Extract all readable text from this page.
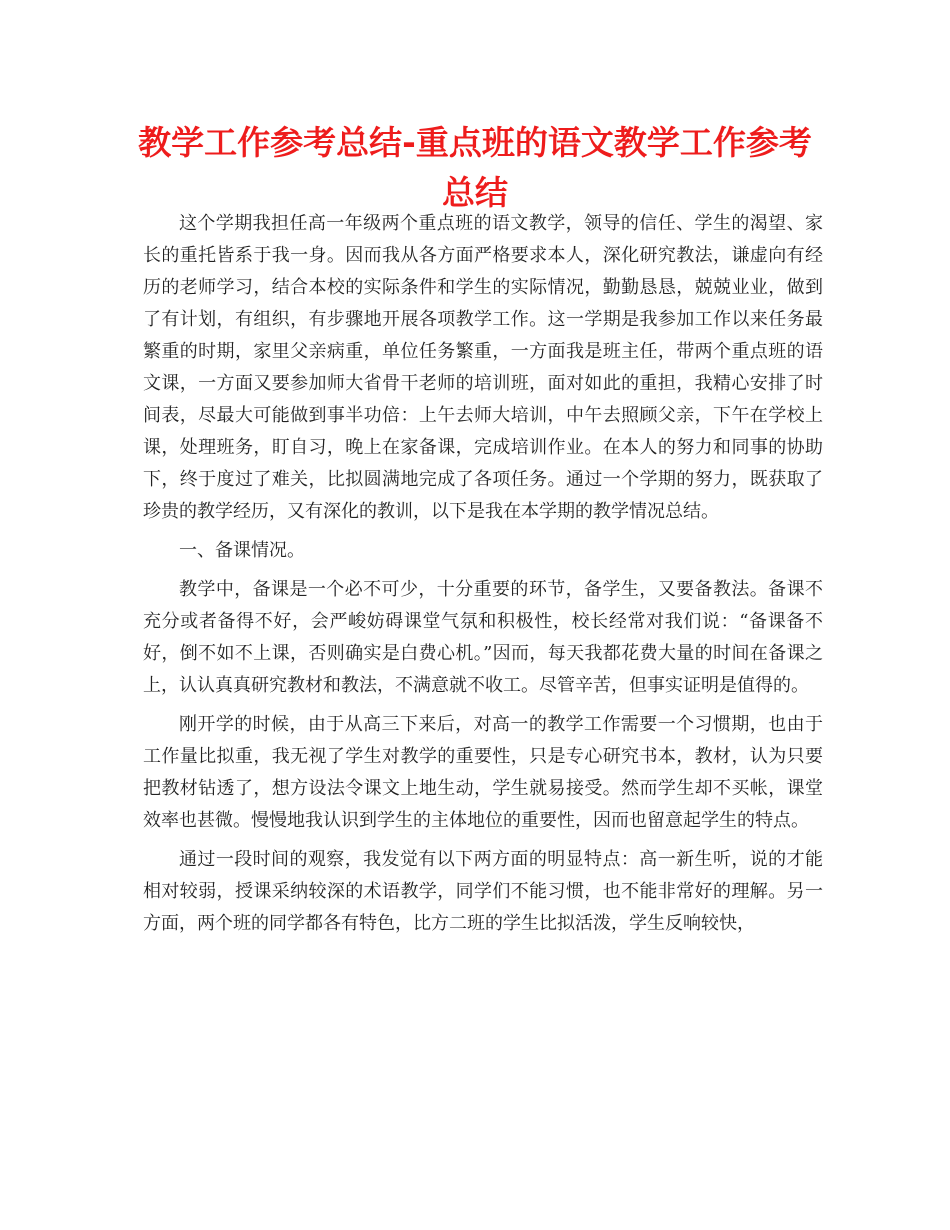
教学工作参考总结-重点班的语文教学工作参考总结

这个学期我担任高一年级两个重点班的语文教学，领导的信任、学生的渴望、家长的重托皆系于我一身。因而我从各方面严格要求本人，深化研究教法，谦虚向有经历的老师学习，结合本校的实际条件和学生的实际情况，勤勤恳恳，兢兢业业，做到了有计划，有组织，有步骤地开展各项教学工作。这一学期是我参加工作以来任务最繁重的时期，家里父亲病重，单位任务繁重，一方面我是班主任，带两个重点班的语文课，一方面又要参加师大省骨干老师的培训班，面对如此的重担，我精心安排了时间表，尽最大可能做到事半功倍：上午去师大培训，中午去照顾父亲，下午在学校上课，处理班务，盯自习，晚上在家备课，完成培训作业。在本人的努力和同事的协助下，终于度过了难关，比拟圆满地完成了各项任务。通过一个学期的努力，既获取了珍贵的教学经历，又有深化的教训，以下是我在本学期的教学情况总结。

一、备课情况。

教学中，备课是一个必不可少，十分重要的环节，备学生，又要备教法。备课不充分或者备得不好，会严峻妨碍课堂气氛和积极性，校长经常对我们说：“备课备不好，倒不如不上课，否则确实是白费心机。”因而，每天我都花费大量的时间在备课之上，认认真真研究教材和教法，不满意就不收工。尽管辛苦，但事实证明是值得的。

刚开学的时候，由于从高三下来后，对高一的教学工作需要一个习惯期，也由于工作量比拟重，我无视了学生对教学的重要性，只是专心研究书本，教材，认为只要把教材钻透了，想方设法令课文上地生动，学生就易接受。然而学生却不买帐，课堂效率也甚微。慢慢地我认识到学生的主体地位的重要性，因而也留意起学生的特点。

通过一段时间的观察，我发觉有以下两方面的明显特点：高一新生听，说的才能相对较弱，授课采纳较深的术语教学，同学们不能习惯，也不能非常好的理解。另一方面，两个班的同学都各有特色，比方二班的学生比拟活泼，学生反响较快，
